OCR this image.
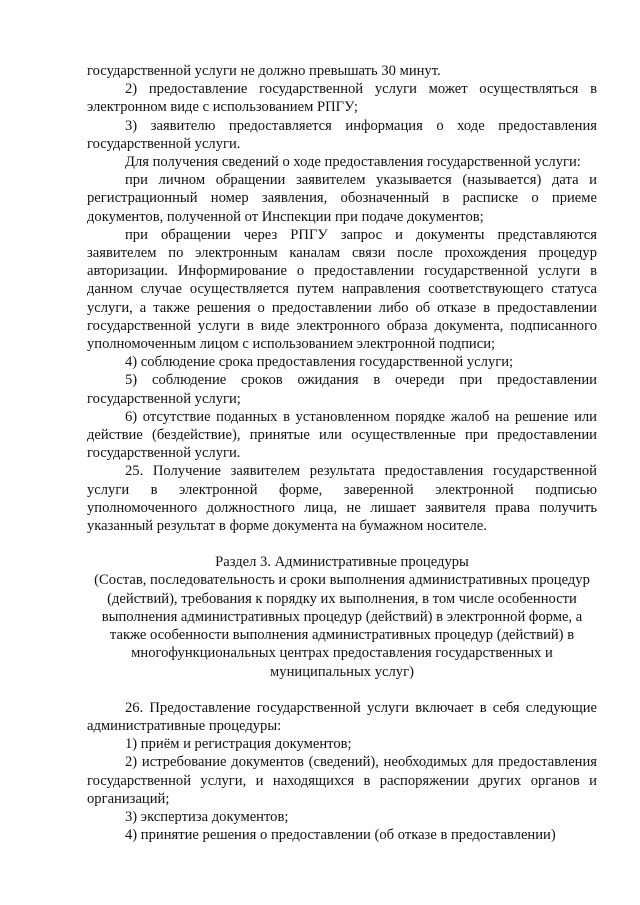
государственной услуги не должно превышать 30 минут.

2) предоставление государственной услуги может осуществляться в электронном виде с использованием РПГУ;

3) заявителю предоставляется информация о ходе предоставления государственной услуги.

Для получения сведений о ходе предоставления государственной услуги:

при личном обращении заявителем указывается (называется) дата и регистрационный номер заявления, обозначенный в расписке о приеме документов, полученной от Инспекции при подаче документов;

при обращении через РПГУ запрос и документы представляются заявителем по электронным каналам связи после прохождения процедур авторизации. Информирование о предоставлении государственной услуги в данном случае осуществляется путем направления соответствующего статуса услуги, а также решения о предоставлении либо об отказе в предоставлении государственной услуги в виде электронного образа документа, подписанного уполномоченным лицом с использованием электронной подписи;

4) соблюдение срока предоставления государственной услуги;

5) соблюдение сроков ожидания в очереди при предоставлении государственной услуги;

6) отсутствие поданных в установленном порядке жалоб на решение или действие (бездействие), принятые или осуществленные при предоставлении государственной услуги.

25. Получение заявителем результата предоставления государственной услуги в электронной форме, заверенной электронной подписью уполномоченного должностного лица, не лишает заявителя права получить указанный результат в форме документа на бумажном носителе.

Раздел 3. Административные процедуры

(Состав, последовательность и сроки выполнения административных процедур (действий), требования к порядку их выполнения, в том числе особенности выполнения административных процедур (действий) в электронной форме, а также особенности выполнения административных процедур (действий) в многофункциональных центрах предоставления государственных и муниципальных услуг)

26. Предоставление государственной услуги включает в себя следующие административные процедуры:

1) приём и регистрация документов;

2) истребование документов (сведений), необходимых для предоставления государственной услуги, и находящихся в распоряжении других органов и организаций;

3) экспертиза документов;

4) принятие решения о предоставлении (об отказе в предоставлении)
